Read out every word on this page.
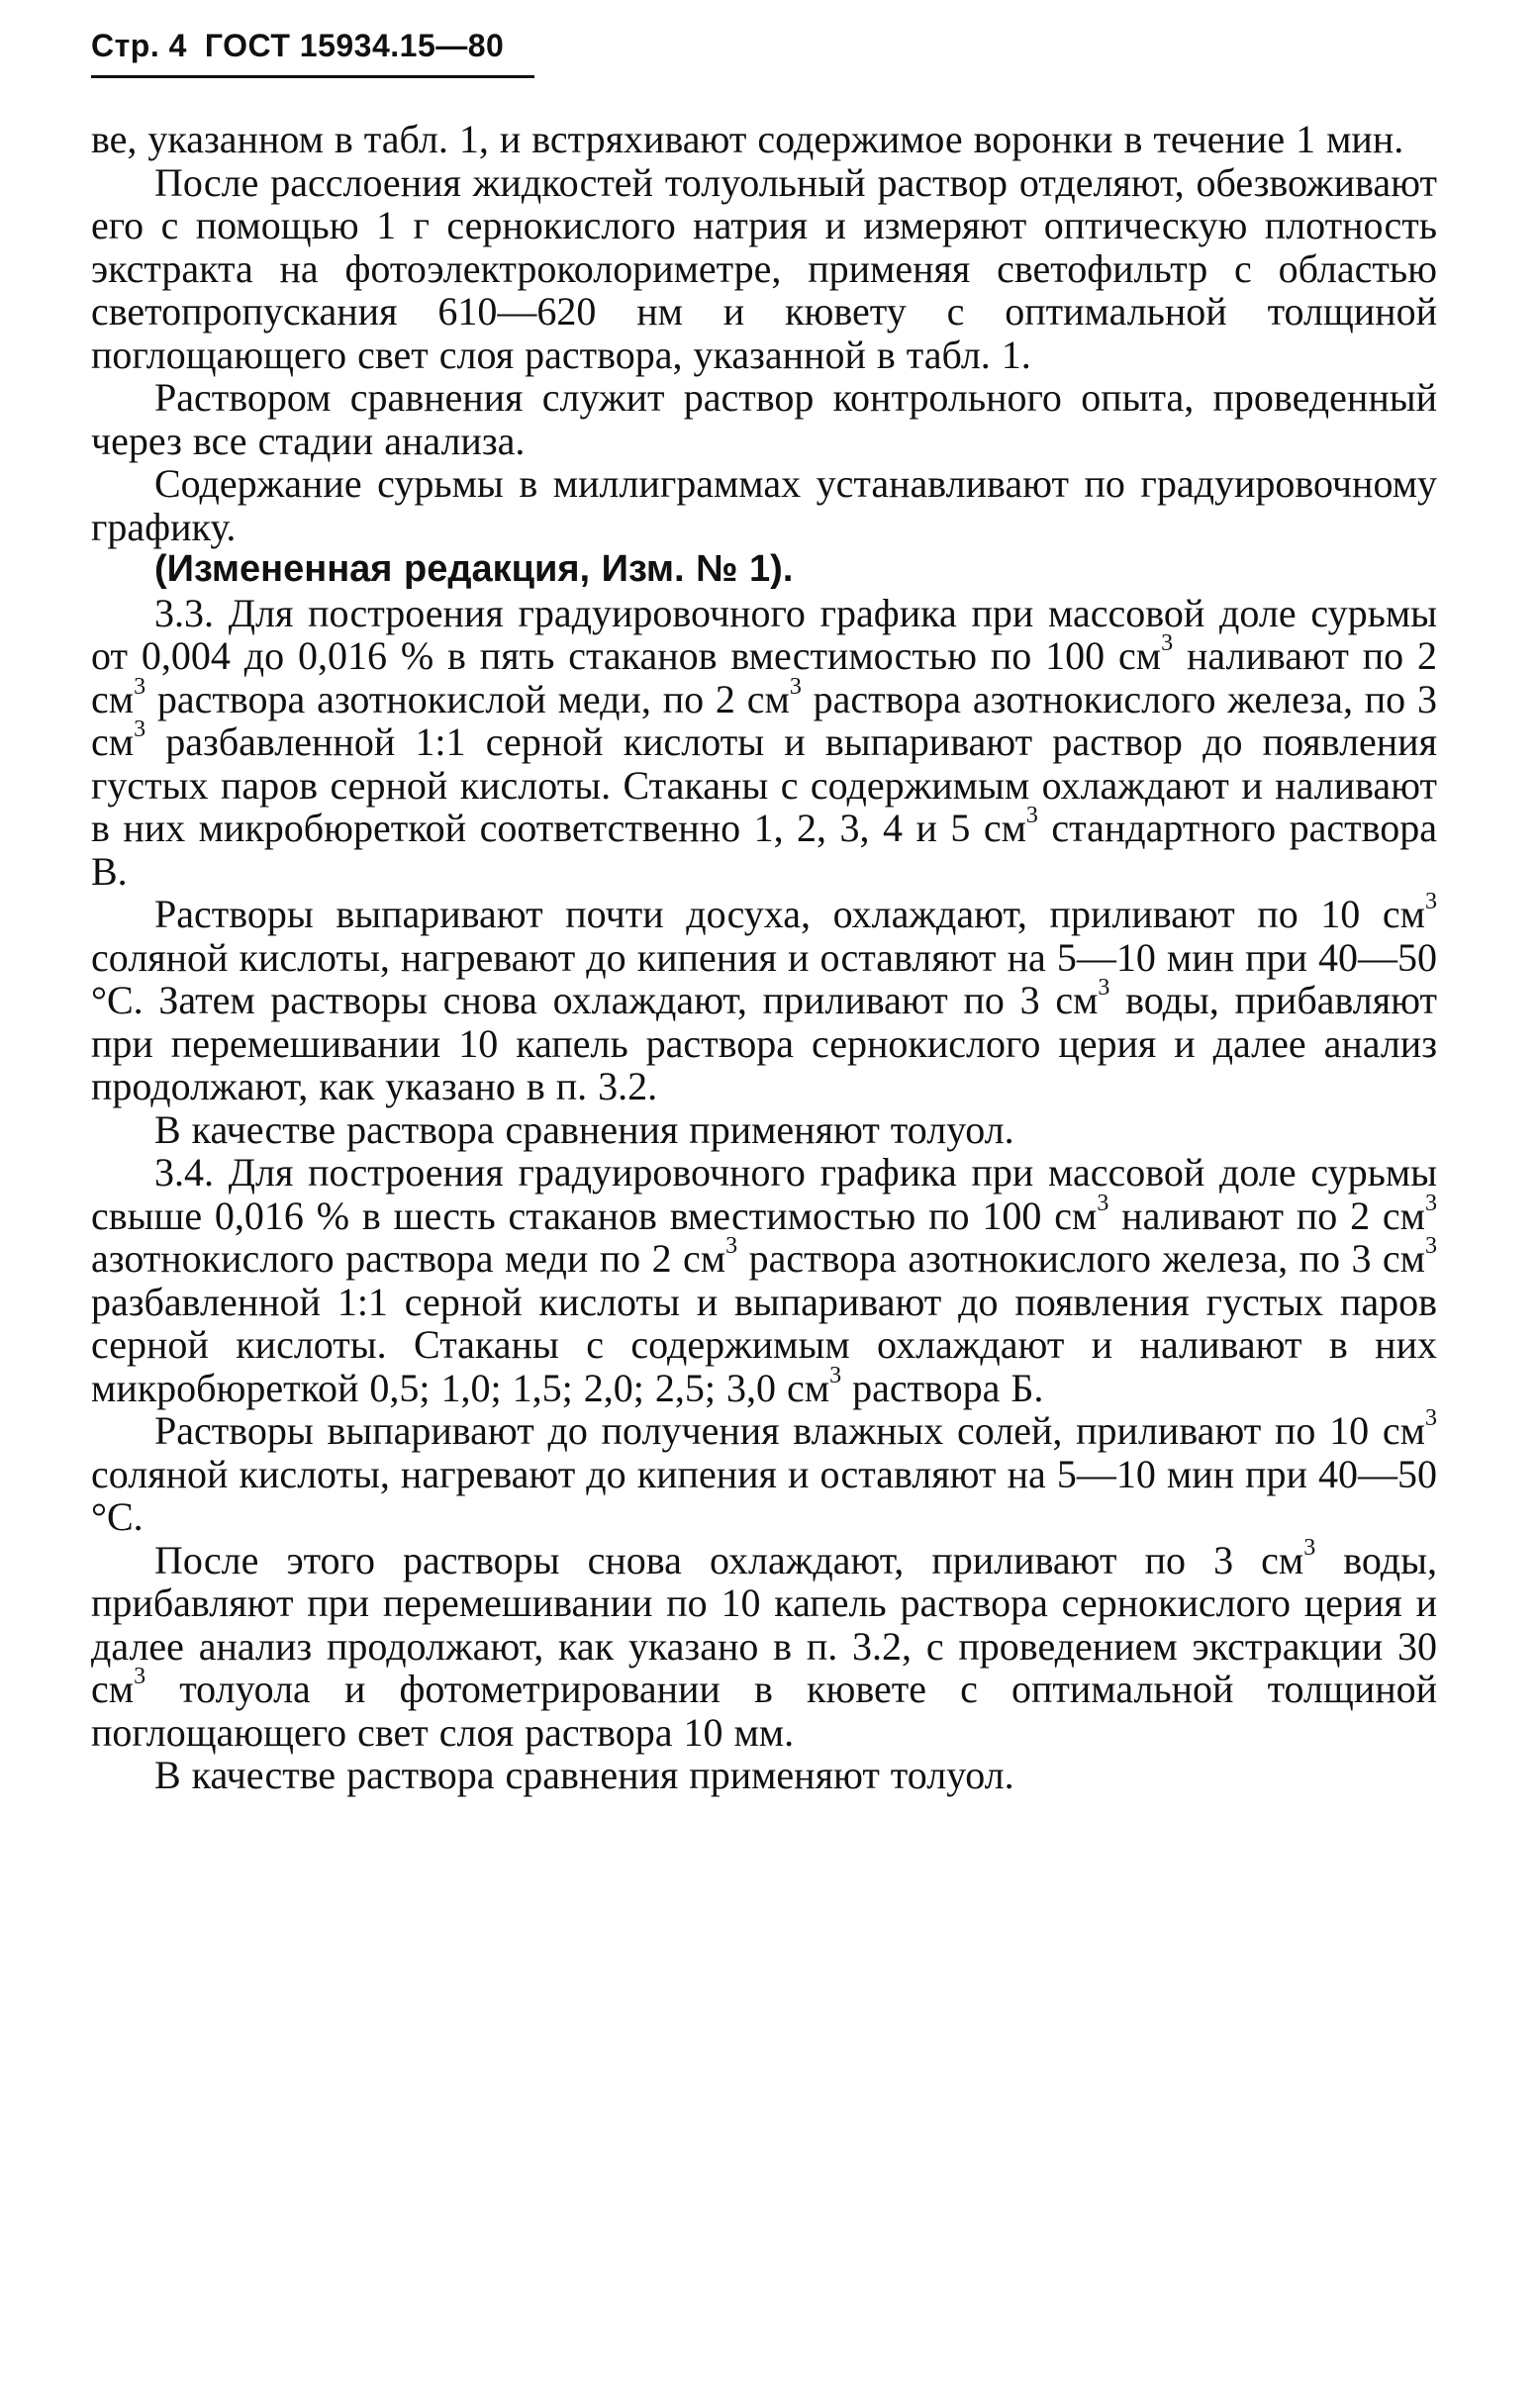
Стр. 4 ГОСТ 15934.15—80

ве, указанном в табл. 1, и встряхивают содержимое воронки в течение 1 мин.

После расслоения жидкостей толуольный раствор отделяют, обезвоживают его с помощью 1 г сернокислого натрия и измеряют оптическую плотность экстракта на фотоэлектроколориметре, применяя светофильтр с областью светопропускания 610—620 нм и кювету с оптимальной толщиной поглощающего свет слоя раствора, указанной в табл. 1.

Раствором сравнения служит раствор контрольного опыта, проведенный через все стадии анализа.

Содержание сурьмы в миллиграммах устанавливают по градуировочному графику.

(Измененная редакция, Изм. № 1).

3.3. Для построения градуировочного графика при массовой доле сурьмы от 0,004 до 0,016 % в пять стаканов вместимостью по 100 $см^3$ наливают по 2 $см^3$ раствора азотнокислой меди, по 2 $см^3$ раствора азотнокислого железа, по 3 $см^3$ разбавленной 1:1 серной кислоты и выпаривают раствор до появления густых паров серной кислоты. Стаканы с содержимым охлаждают и наливают в них микробюреткой соответственно 1, 2, 3, 4 и 5 $см^3$ стандартного раствора В.

Растворы выпаривают почти досуха, охлаждают, приливают по 10 $см^3$ соляной кислоты, нагревают до кипения и оставляют на 5—10 мин при 40—50 °С. Затем растворы снова охлаждают, приливают по 3 $см^3$ воды, прибавляют при перемешивании 10 капель раствора сернокислого церия и далее анализ продолжают, как указано в п. 3.2.

В качестве раствора сравнения применяют толуол.

3.4. Для построения градуировочного графика при массовой доле сурьмы свыше 0,016 % в шесть стаканов вместимостью по 100 $см^3$ наливают по 2 $см^3$ азотнокислого раствора меди по 2 $см^3$ раствора азотнокислого железа, по 3 $см^3$ разбавленной 1:1 серной кислоты и выпаривают до появления густых паров серной кислоты. Стаканы с содержимым охлаждают и наливают в них микробюреткой 0,5; 1,0; 1,5; 2,0; 2,5; 3,0 $см^3$ раствора Б.

Растворы выпаривают до получения влажных солей, приливают по 10 $см^3$ соляной кислоты, нагревают до кипения и оставляют на 5—10 мин при 40—50 °С.

После этого растворы снова охлаждают, приливают по 3 $см^3$ воды, прибавляют при перемешивании по 10 капель раствора сернокислого церия и далее анализ продолжают, как указано в п. 3.2, с проведением экстракции 30 $см^3$ толуола и фотометрировании в кювете с оптимальной толщиной поглощающего свет слоя раствора 10 мм.

В качестве раствора сравнения применяют толуол.
